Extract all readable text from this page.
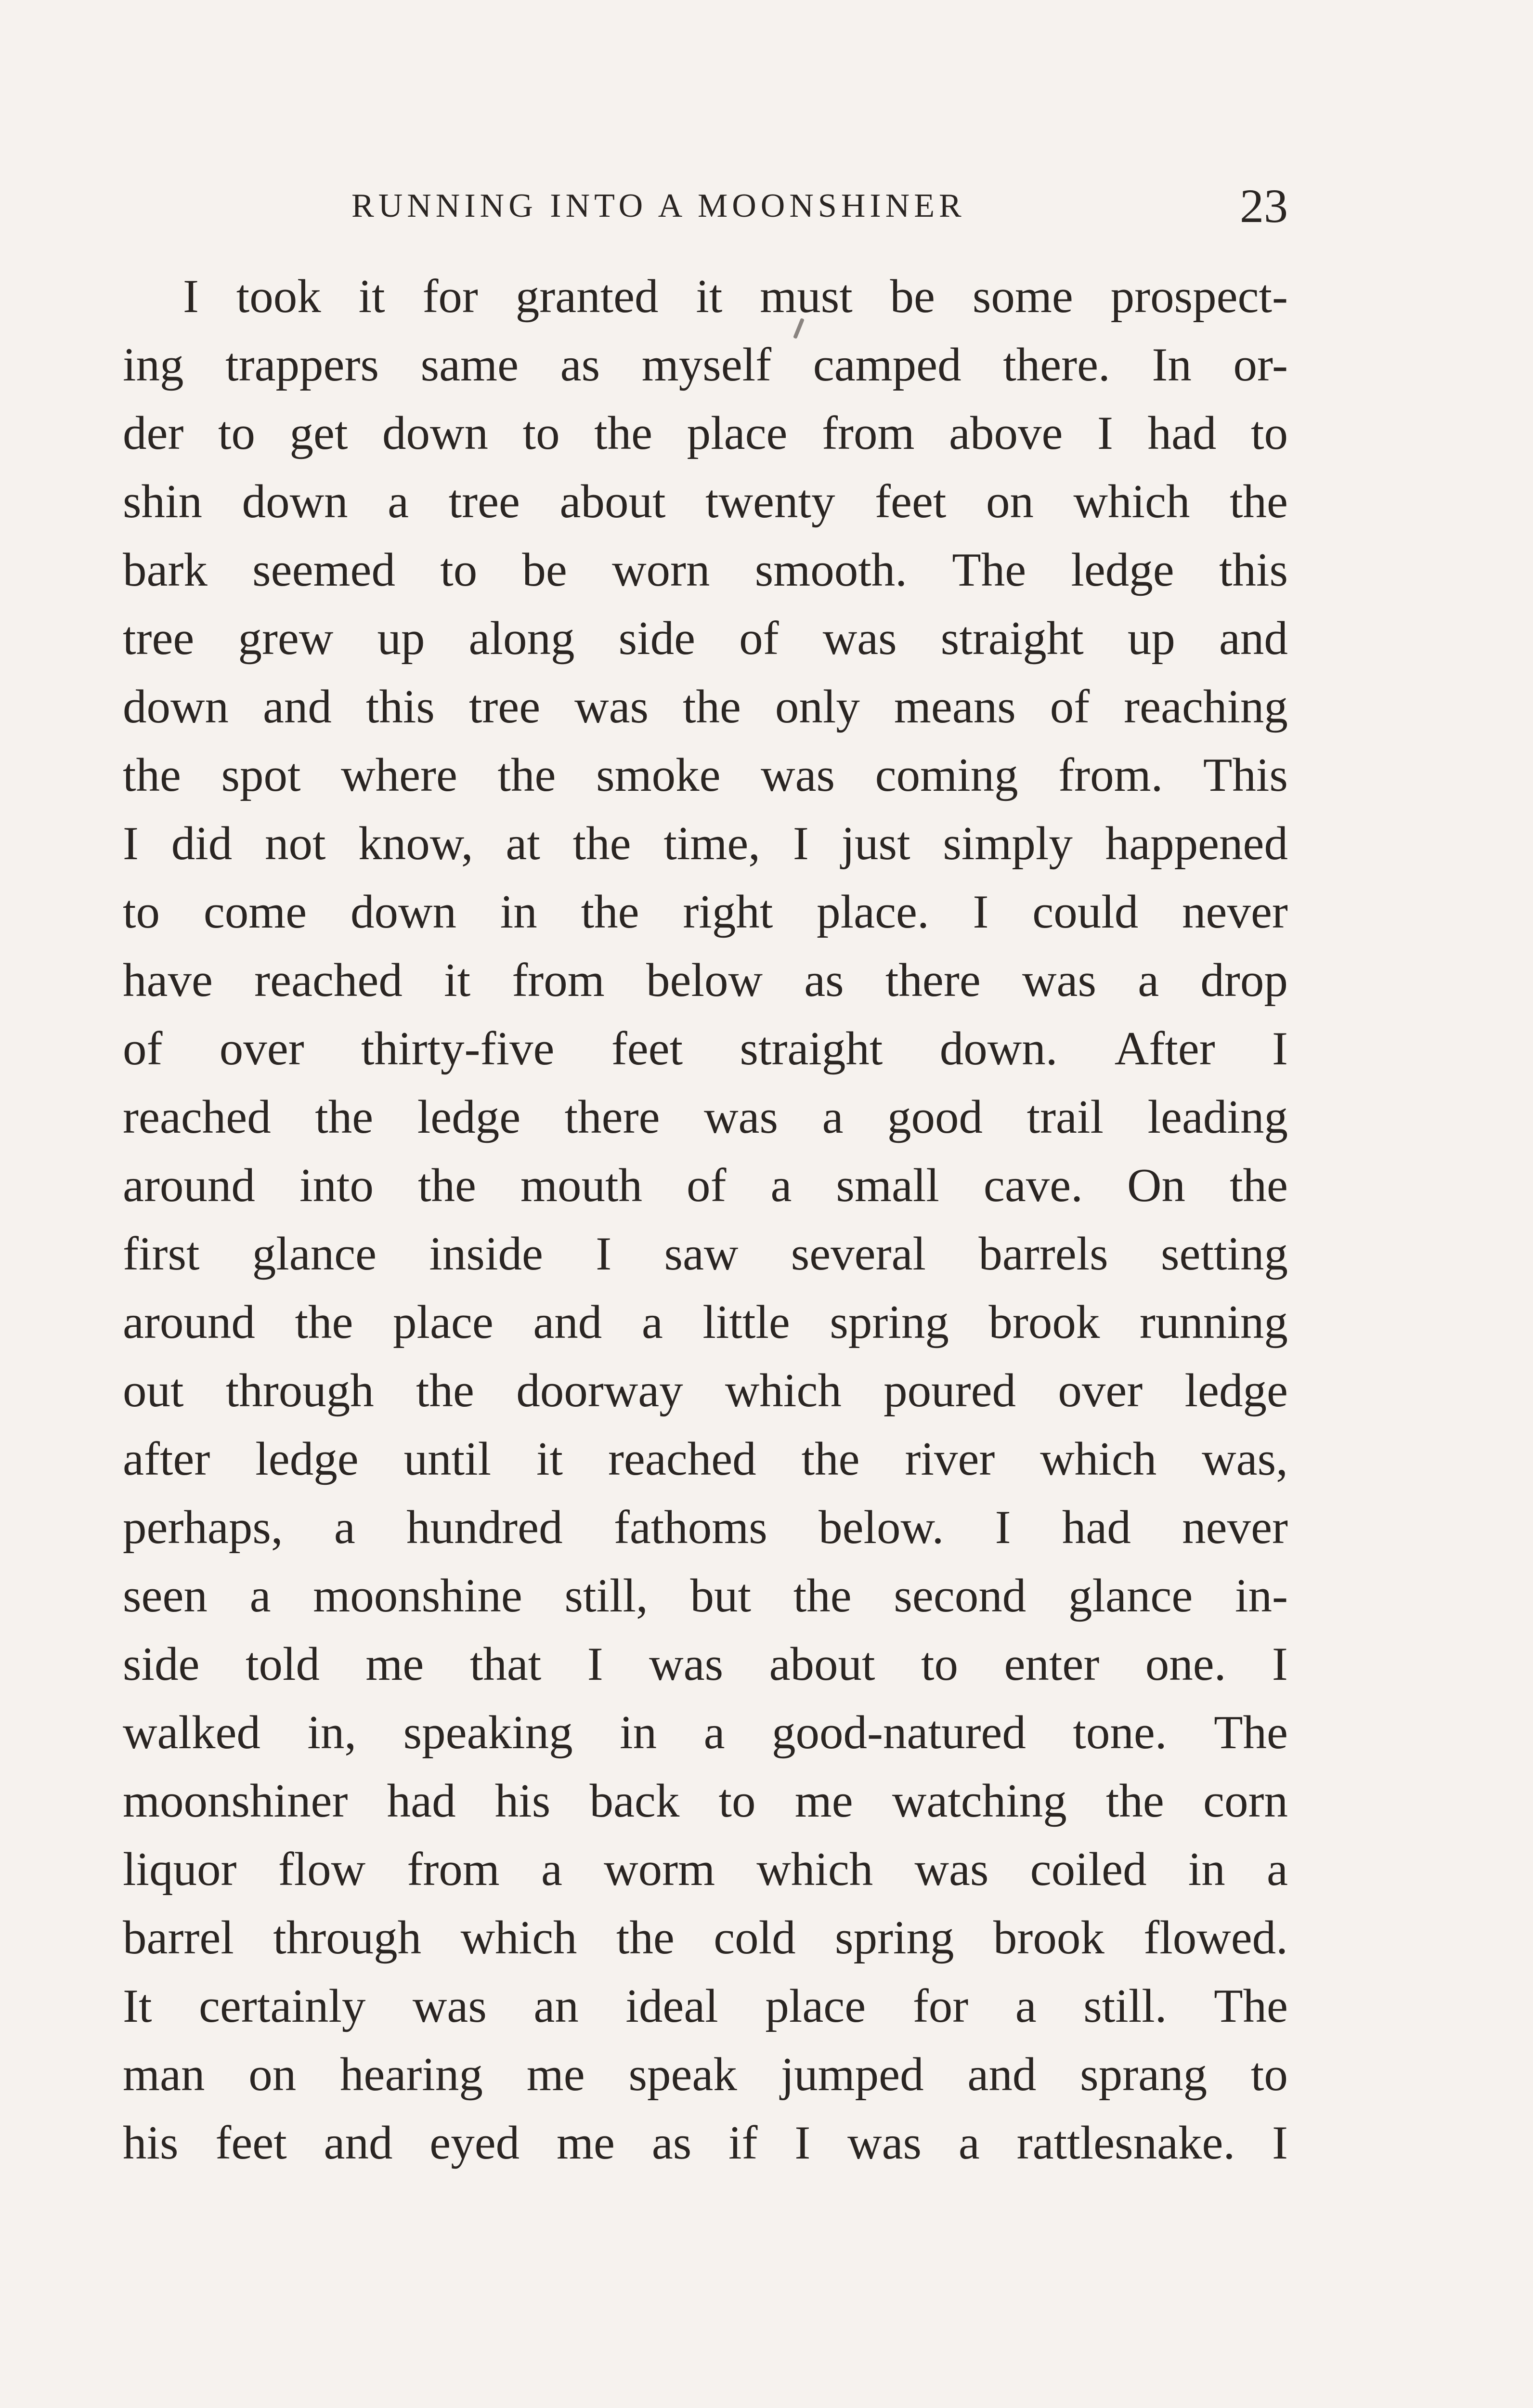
RUNNING INTO A MOONSHINER	23
I took it for granted it must be some prospect-
ing trappers same as myself camped there. In or-
der to get down to the place from above I had to
shin down a tree about twenty feet on which the
bark seemed to be worn smooth. The ledge this
tree grew up along side of was straight up and
down and this tree was the only means of reaching
the spot where the smoke was coming from. This
I did not know, at the time, I just simply happened
to come down in the right place. I could never
have reached it from below as there was a drop
of over thirty-five feet straight down. After I
reached the ledge there was a good trail leading
around into the mouth of a small cave. On the
first glance inside I saw several barrels setting
around the place and a little spring brook running
out through the doorway which poured over ledge
after ledge until it reached the river which was,
perhaps, a hundred fathoms below. I had never
seen a moonshine still, but the second glance in-
side told me that I was about to enter one. I
walked in, speaking in a good-natured tone. The
moonshiner had his back to me watching the corn
liquor flow from a worm which was coiled in a
barrel through which the cold spring brook flowed.
It certainly was an ideal place for a still. The
man on hearing me speak jumped and sprang to
his feet and eyed me as if I was a rattlesnake. I
